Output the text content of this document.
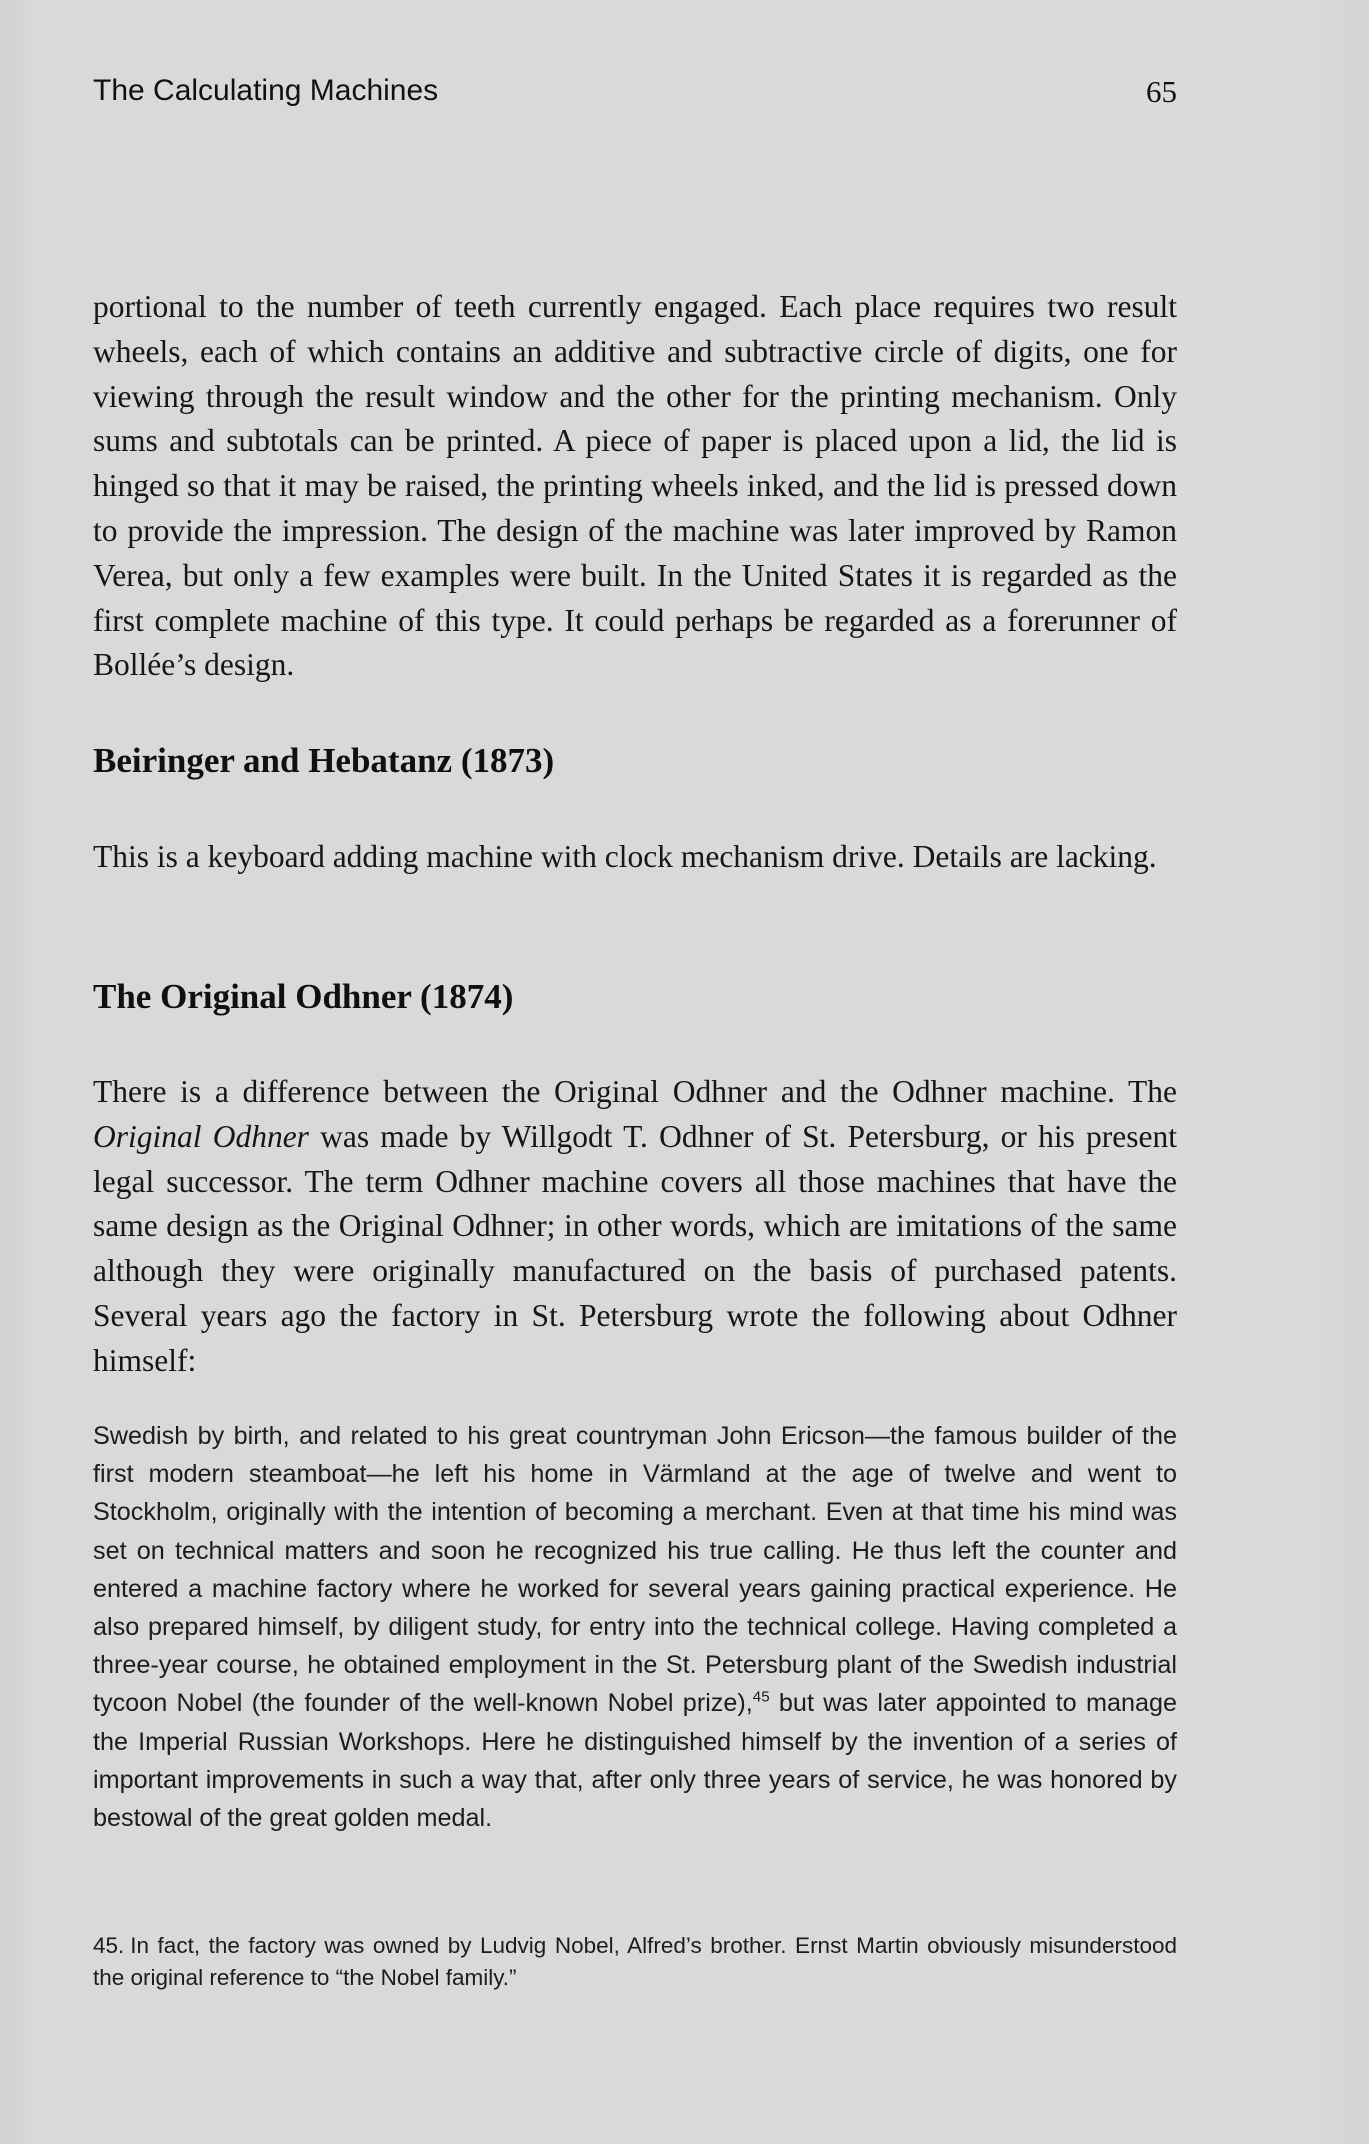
The Calculating Machines	65

portional to the number of teeth currently engaged. Each place requires two result wheels, each of which contains an additive and subtractive circle of digits, one for viewing through the result window and the other for the printing mechanism. Only sums and subtotals can be printed. A piece of paper is placed upon a lid, the lid is hinged so that it may be raised, the printing wheels inked, and the lid is pressed down to provide the impression. The design of the machine was later improved by Ramon Verea, but only a few examples were built. In the United States it is regarded as the first complete machine of this type. It could perhaps be regarded as a forerunner of Bollée’s design.

Beiringer and Hebatanz (1873)

This is a keyboard adding machine with clock mechanism drive. Details are lacking.

The Original Odhner (1874)

There is a difference between the Original Odhner and the Odhner machine. The Original Odhner was made by Willgodt T. Odhner of St. Petersburg, or his present legal successor. The term Odhner machine covers all those machines that have the same design as the Original Odhner; in other words, which are imitations of the same although they were originally manufactured on the basis of purchased patents. Several years ago the factory in St. Petersburg wrote the following about Odhner himself:

Swedish by birth, and related to his great countryman John Ericson—the famous builder of the first modern steamboat—he left his home in Värmland at the age of twelve and went to Stockholm, originally with the intention of becoming a merchant. Even at that time his mind was set on technical matters and soon he recognized his true calling. He thus left the counter and entered a machine factory where he worked for several years gaining practical experience. He also prepared himself, by diligent study, for entry into the technical college. Having completed a three-year course, he obtained employment in the St. Petersburg plant of the Swedish industrial tycoon Nobel (the founder of the well-known Nobel prize),$^{45}$ but was later appointed to manage the Imperial Russian Workshops. Here he distinguished himself by the invention of a series of important improvements in such a way that, after only three years of service, he was honored by bestowal of the great golden medal.

45. In fact, the factory was owned by Ludvig Nobel, Alfred’s brother. Ernst Martin obviously misunderstood the original reference to “the Nobel family.”
